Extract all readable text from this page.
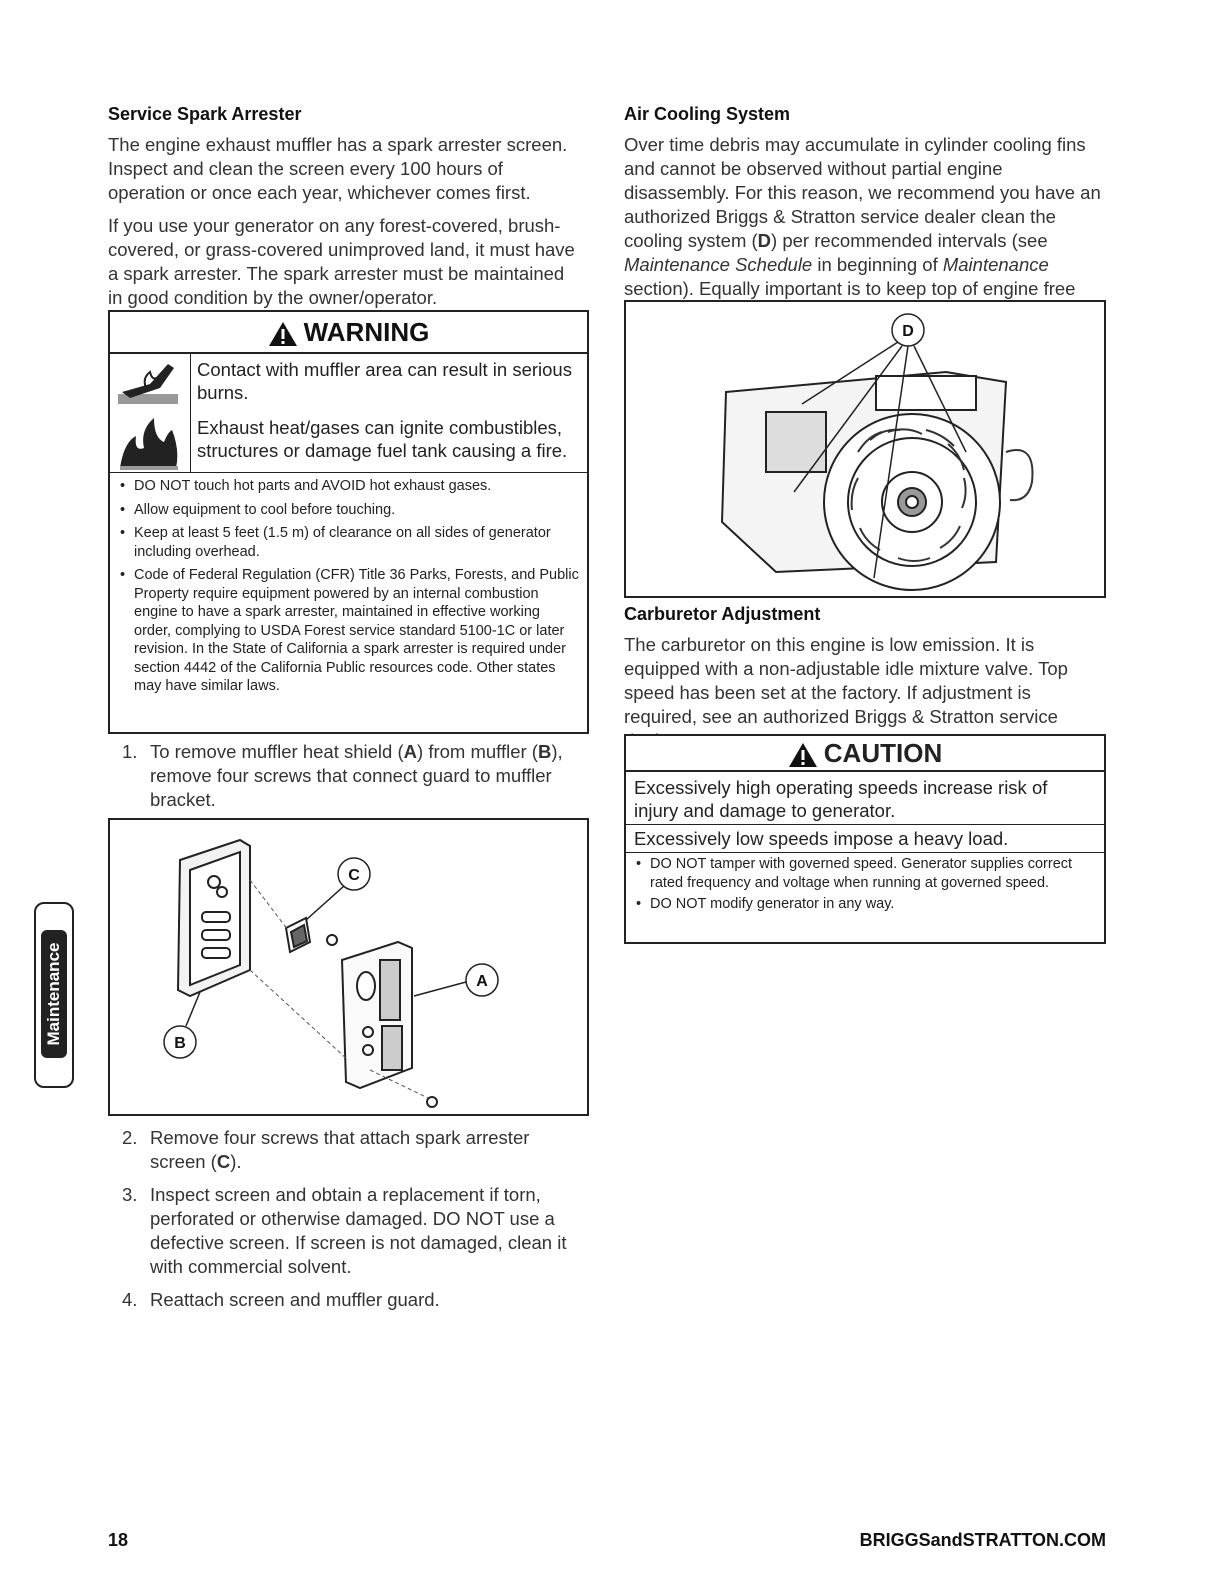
Service Spark Arrester

The engine exhaust muffler has a spark arrester screen. Inspect and clean the screen every 100 hours of operation or once each year, whichever comes first.

If you use your generator on any forest-covered, brush-covered, or grass-covered unimproved land, it must have a spark arrester. The spark arrester must be maintained in good condition by the owner/operator.

WARNING
Contact with muffler area can result in serious burns.
Exhaust heat/gases can ignite combustibles, structures or damage fuel tank causing a fire.
• DO NOT touch hot parts and AVOID hot exhaust gases.
• Allow equipment to cool before touching.
• Keep at least 5 feet (1.5 m) of clearance on all sides of generator including overhead.
• Code of Federal Regulation (CFR) Title 36 Parks, Forests, and Public Property require equipment powered by an internal combustion engine to have a spark arrester, maintained in effective working order, complying to USDA Forest service standard 5100-1C or later revision. In the State of California a spark arrester is required under section 4442 of the California Public resources code. Other states may have similar laws.
1. To remove muffler heat shield (A) from muffler (B), remove four screws that connect guard to muffler bracket.
C
A
B
2. Remove four screws that attach spark arrester screen (C).
3. Inspect screen and obtain a replacement if torn, perforated or otherwise damaged. DO NOT use a defective screen. If screen is not damaged, clean it with commercial solvent.
4. Reattach screen and muffler guard.
Air Cooling System

Over time debris may accumulate in cylinder cooling fins and cannot be observed without partial engine disassembly. For this reason, we recommend you have an authorized Briggs & Stratton service dealer clean the cooling system (D) per recommended intervals (see Maintenance Schedule in beginning of Maintenance section). Equally important is to keep top of engine free

D
Carburetor Adjustment

The carburetor on this engine is low emission. It is equipped with a non-adjustable idle mixture valve. Top speed has been set at the factory. If adjustment is required, see an authorized Briggs & Stratton service

CAUTION
Excessively high operating speeds increase risk of injury and damage to generator.
Excessively low speeds impose a heavy load.
• DO NOT tamper with governed speed. Generator supplies correct rated frequency and voltage when running at governed speed.
• DO NOT modify generator in any way.
Maintenance
18	BRIGGSandSTRATTON.COM
